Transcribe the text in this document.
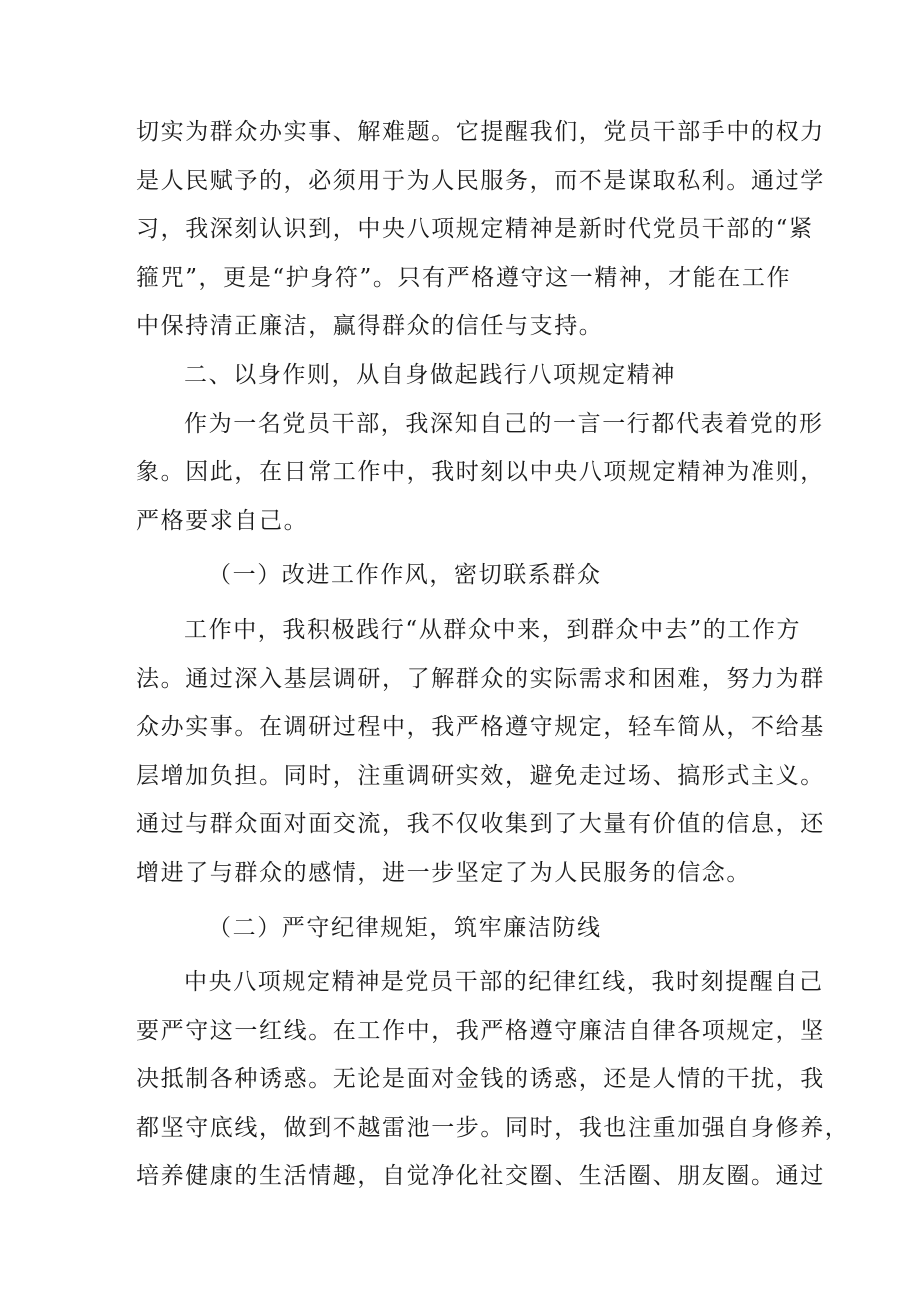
切实为群众办实事、解难题。它提醒我们，党员干部手中的权力
是人民赋予的，必须用于为人民服务，而不是谋取私利。通过学
习，我深刻认识到，中央八项规定精神是新时代党员干部的“紧
箍咒”，更是“护身符”。只有严格遵守这一精神，才能在工作
中保持清正廉洁，赢得群众的信任与支持。
二、以身作则，从自身做起践行八项规定精神
作为一名党员干部，我深知自己的一言一行都代表着党的形
象。因此，在日常工作中，我时刻以中央八项规定精神为准则，
严格要求自己。
（一）改进工作作风，密切联系群众
工作中，我积极践行“从群众中来，到群众中去”的工作方
法。通过深入基层调研，了解群众的实际需求和困难，努力为群
众办实事。在调研过程中，我严格遵守规定，轻车简从，不给基
层增加负担。同时，注重调研实效，避免走过场、搞形式主义。
通过与群众面对面交流，我不仅收集到了大量有价值的信息，还
增进了与群众的感情，进一步坚定了为人民服务的信念。
（二）严守纪律规矩，筑牢廉洁防线
中央八项规定精神是党员干部的纪律红线，我时刻提醒自己
要严守这一红线。在工作中，我严格遵守廉洁自律各项规定，坚
决抵制各种诱惑。无论是面对金钱的诱惑，还是人情的干扰，我
都坚守底线，做到不越雷池一步。同时，我也注重加强自身修养，
培养健康的生活情趣，自觉净化社交圈、生活圈、朋友圈。通过
